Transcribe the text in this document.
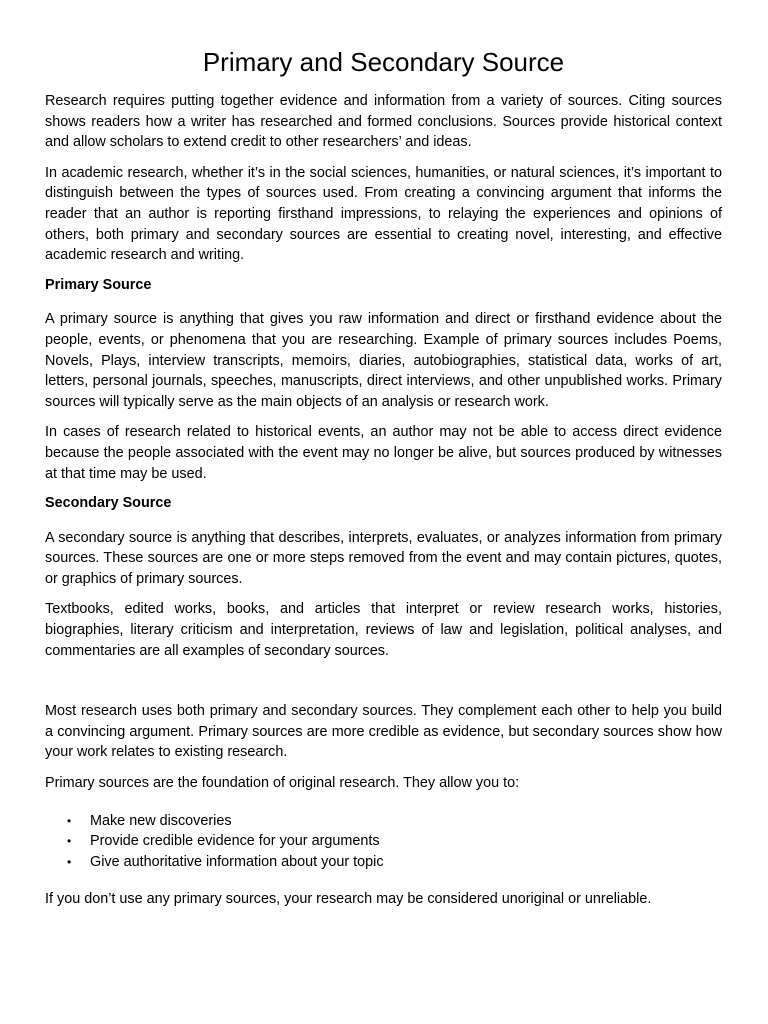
Primary and Secondary Source

Research requires putting together evidence and information from a variety of sources. Citing sources shows readers how a writer has researched and formed conclusions. Sources provide historical context and allow scholars to extend credit to other researchers’ and ideas.

In academic research, whether it’s in the social sciences, humanities, or natural sciences, it’s important to distinguish between the types of sources used. From creating a convincing argument that informs the reader that an author is reporting firsthand impressions, to relaying the experiences and opinions of others, both primary and secondary sources are essential to creating novel, interesting, and effective academic research and writing.

Primary Source

A primary source is anything that gives you raw information and direct or firsthand evidence about the people, events, or phenomena that you are researching. Example of primary sources includes Poems, Novels, Plays, interview transcripts, memoirs, diaries, autobiographies, statistical data, works of art, letters, personal journals, speeches, manuscripts, direct interviews, and other unpublished works. Primary sources will typically serve as the main objects of an analysis or research work.

In cases of research related to historical events, an author may not be able to access direct evidence because the people associated with the event may no longer be alive, but sources produced by witnesses at that time may be used.

Secondary Source

A secondary source is anything that describes, interprets, evaluates, or analyzes information from primary sources. These sources are one or more steps removed from the event and may contain pictures, quotes, or graphics of primary sources.

Textbooks, edited works, books, and articles that interpret or review research works, histories, biographies, literary criticism and interpretation, reviews of law and legislation, political analyses, and commentaries are all examples of secondary sources.

Most research uses both primary and secondary sources. They complement each other to help you build a convincing argument. Primary sources are more credible as evidence, but secondary sources show how your work relates to existing research.

Primary sources are the foundation of original research. They allow you to:

• Make new discoveries
• Provide credible evidence for your arguments
• Give authoritative information about your topic

If you don’t use any primary sources, your research may be considered unoriginal or unreliable.
